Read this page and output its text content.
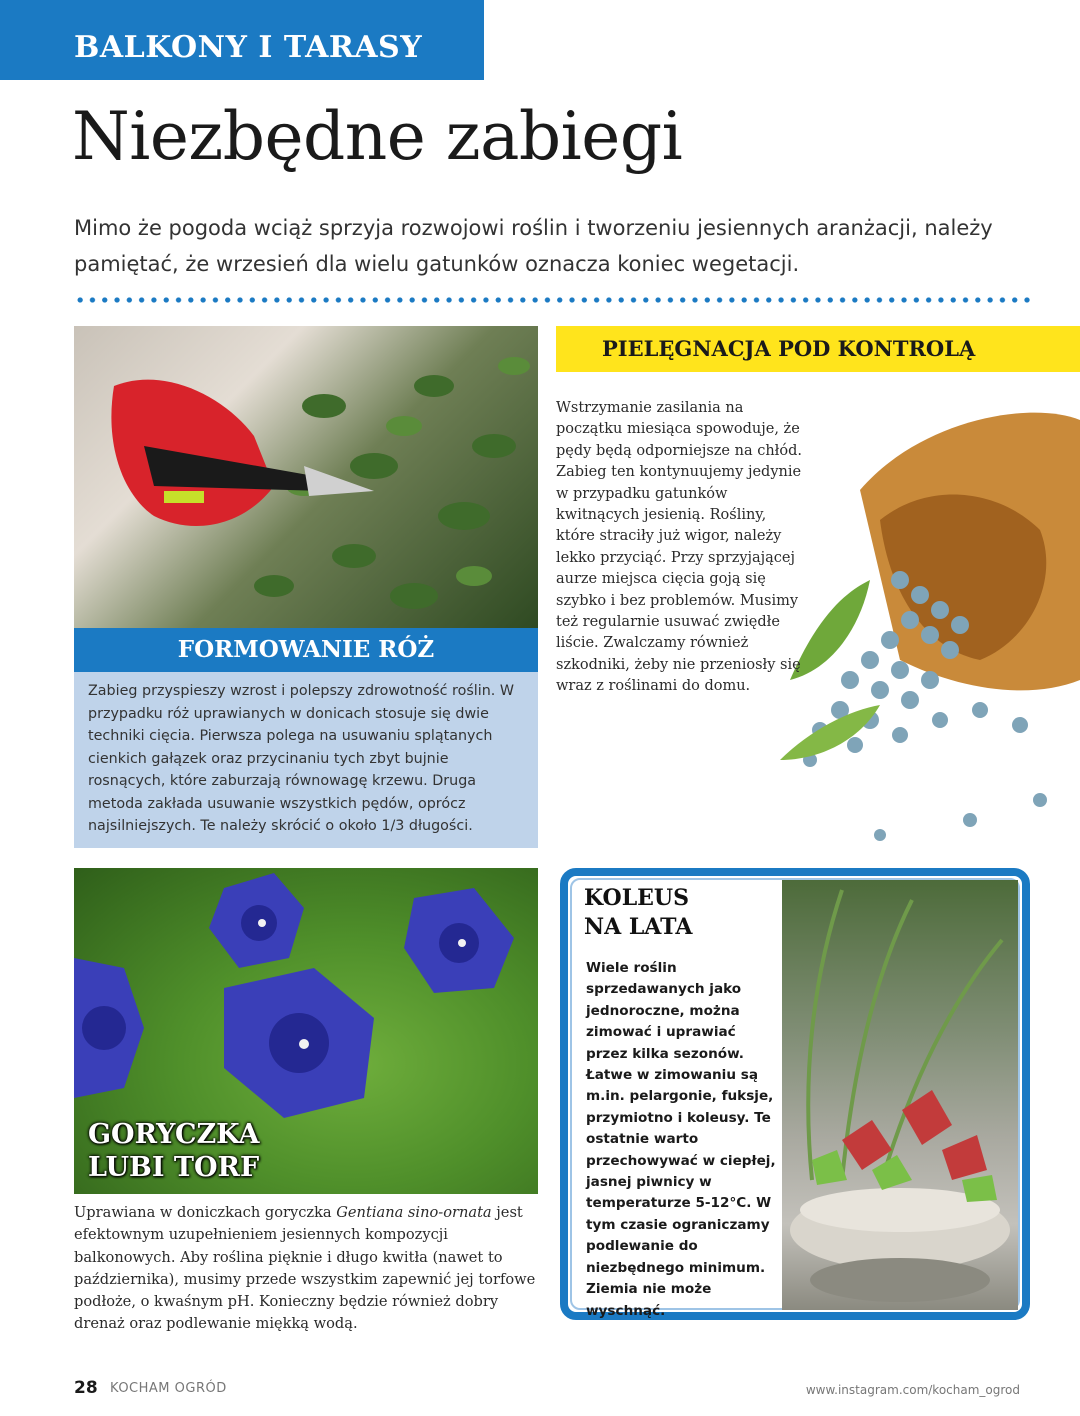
BALKONY I TARASY
Niezbędne zabiegi
Mimo że pogoda wciąż sprzyja rozwojowi roślin i tworzeniu jesiennych aranżacji, należy pamiętać, że wrzesień dla wielu gatunków oznacza koniec wegetacji.
FORMOWANIE RÓŻ
Zabieg przyspieszy wzrost i polepszy zdrowotność roślin. W przypadku róż uprawianych w donicach stosuje się dwie techniki cięcia. Pierwsza polega na usuwaniu splątanych cienkich gałązek oraz przycinaniu tych zbyt bujnie rosnących, które zaburzają równowagę krzewu. Druga metoda zakłada usuwanie wszystkich pędów, oprócz najsilniejszych. Te należy skrócić o około 1/3 długości.
PIELĘGNACJA POD KONTROLĄ
Wstrzymanie zasilania na początku miesiąca spowoduje, że pędy będą odporniejsze na chłód. Zabieg ten kontynuujemy jedynie w przypadku gatunków kwitnących jesienią. Rośliny, które straciły już wigor, należy lekko przyciąć. Przy sprzyjającej aurze miejsca cięcia goją się szybko i bez problemów. Musimy też regularnie usuwać zwiędłe liście. Zwalczamy również szkodniki, żeby nie przeniosły się wraz z roślinami do domu.
GORYCZKA
LUBI TORF
Uprawiana w doniczkach goryczka Gentiana sino-ornata jest efektownym uzupełnieniem jesiennych kompozycji balkonowych. Aby roślina pięknie i długo kwitła (nawet to października), musimy przede wszystkim zapewnić jej torfowe podłoże, o kwaśnym pH. Konieczny będzie również dobry drenaż oraz podlewanie miękką wodą.
KOLEUS
NA LATA
Wiele roślin sprzedawanych jako jednoroczne, można zimować i uprawiać przez kilka sezonów. Łatwe w zimowaniu są m.in. pelargonie, fuksje, przymiotno i koleusy. Te ostatnie warto przechowywać w ciepłej, jasnej piwnicy w temperaturze 5-12°C. W tym czasie ograniczamy podlewanie do niezbędnego minimum. Ziemia nie może wyschnąć.
28 KOCHAM OGRÓD	www.instagram.com/kocham_ogrod
